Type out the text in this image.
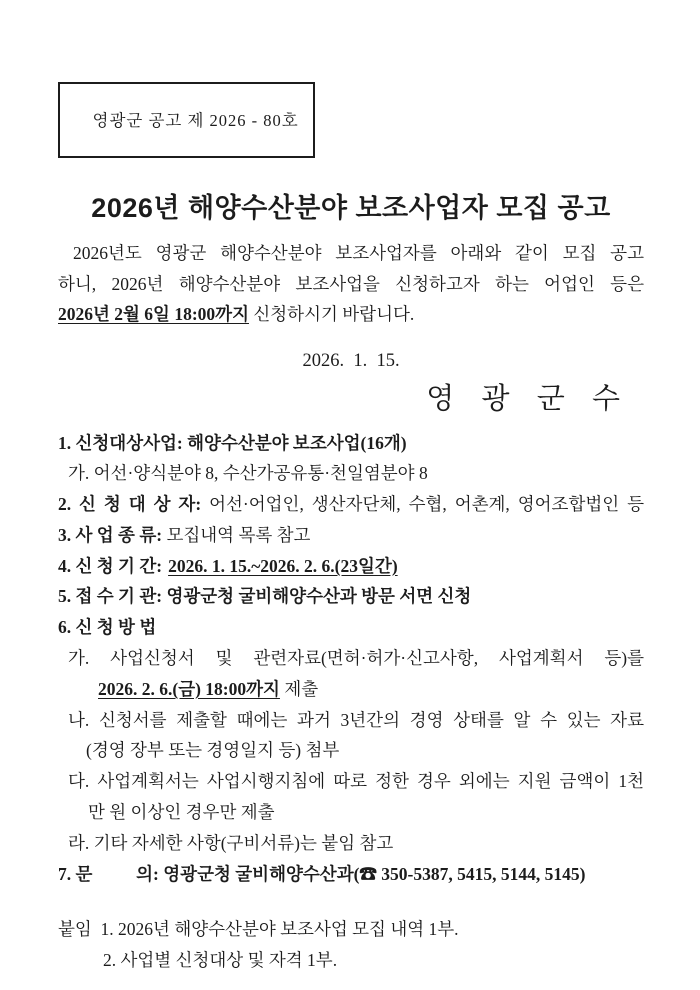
영광군 공고 제 2026 - 80호

2026년 해양수산분야 보조사업자 모집 공고
2026년도 영광군 해양수산분야 보조사업자를 아래와 같이 모집 공고
하니, 2026년 해양수산분야 보조사업을 신청하고자 하는 어업인 등은
2026년 2월 6일 18:00까지 신청하시기 바랍니다.
2026.  1.  15.
영 광 군 수
1. 신청대상사업: 해양수산분야 보조사업(16개)
가. 어선·양식분야 8, 수산가공유통·천일염분야 8
2. 신 청 대 상 자: 어선·어업인, 생산자단체, 수협, 어촌계, 영어조합법인 등
3. 사 업 종 류: 모집내역 목록 참고
4. 신 청 기 간: 2026. 1. 15.~2026. 2. 6.(23일간)
5. 접 수 기 관: 영광군청 굴비해양수산과 방문 서면 신청
6. 신 청 방 법
가. 사업신청서 및 관련자료(면허·허가·신고사항, 사업계획서 등)를
2026. 2. 6.(금) 18:00까지 제출
나. 신청서를 제출할 때에는 과거 3년간의 경영 상태를 알 수 있는 자료
(경영 장부 또는 경영일지 등) 첨부
다. 사업계획서는 사업시행지침에 따로 정한 경우 외에는 지원 금액이 1천
만 원 이상인 경우만 제출
라. 기타 자세한 사항(구비서류)는 붙임 참고
7. 문          의: 영광군청 굴비해양수산과(☎ 350-5387, 5415, 5144, 5145)
붙임  1. 2026년 해양수산분야 보조사업 모집 내역 1부.
2. 사업별 신청대상 및 자격 1부.
